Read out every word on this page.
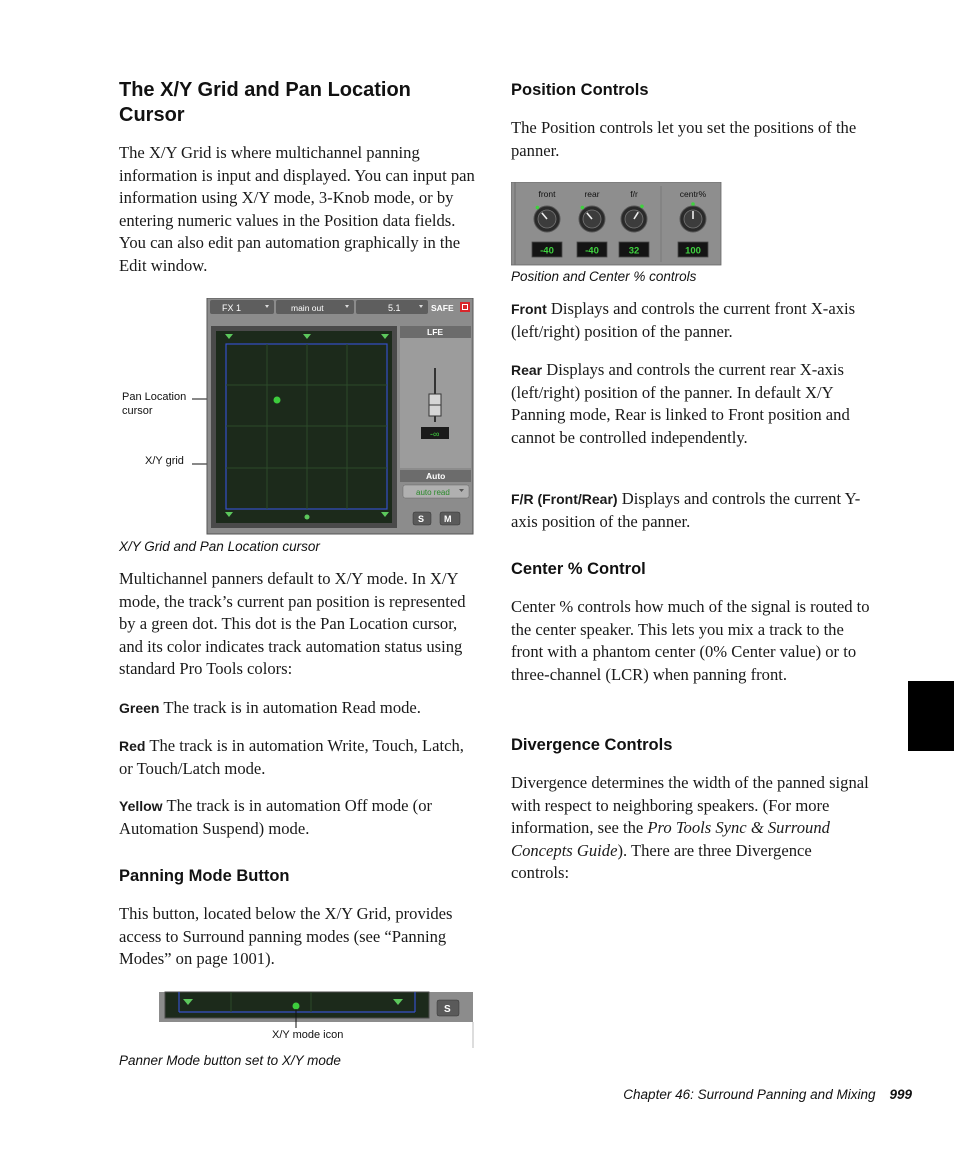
The X/Y Grid and Pan Location Cursor

The X/Y Grid is where multichannel panning information is input and displayed. You can input pan information using X/Y mode, 3-Knob mode, or by entering numeric values in the Position data fields. You can also edit pan automation graphically in the Edit window.

Pan Location cursor
X/Y grid
FX 1	main out	5.1	SAFE
LFE
-∞
Auto
auto read
S M

X/Y Grid and Pan Location cursor

Multichannel panners default to X/Y mode. In X/Y mode, the track’s current pan position is represented by a green dot. This dot is the Pan Location cursor, and its color indicates track automation status using standard Pro Tools colors:

Green The track is in automation Read mode.

Red The track is in automation Write, Touch, Latch, or Touch/Latch mode.

Yellow The track is in automation Off mode (or Automation Suspend) mode.

Panning Mode Button

This button, located below the X/Y Grid, provides access to Surround panning modes (see “Panning Modes” on page 1001).

S
X/Y mode icon

Panner Mode button set to X/Y mode

Position Controls

The Position controls let you set the positions of the panner.

front
-40
rear
-40
f/r
32
centr%
100

Position and Center % controls

Front Displays and controls the current front X-axis (left/right) position of the panner.

Rear Displays and controls the current rear X-axis (left/right) position of the panner. In default X/Y Panning mode, Rear is linked to Front position and cannot be controlled independently.

F/R (Front/Rear) Displays and controls the current Y-axis position of the panner.

Center % Control

Center % controls how much of the signal is routed to the center speaker. This lets you mix a track to the front with a phantom center (0% Center value) or to three-channel (LCR) when panning front.

Divergence Controls

Divergence determines the width of the panned signal with respect to neighboring speakers. (For more information, see the Pro Tools Sync & Surround Concepts Guide). There are three Divergence controls:

Chapter 46: Surround Panning and Mixing 999
